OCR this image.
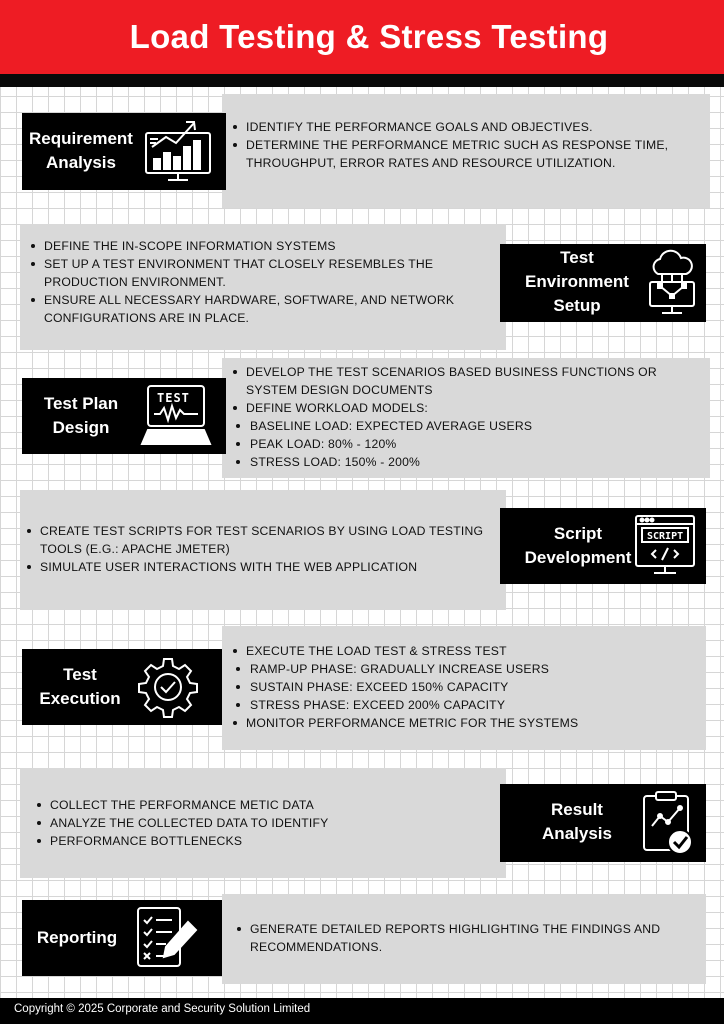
Load Testing & Stress Testing
Requirement
Analysis
IDENTIFY THE PERFORMANCE GOALS AND OBJECTIVES.
DETERMINE THE PERFORMANCE METRIC SUCH AS RESPONSE TIME, THROUGHPUT, ERROR RATES AND RESOURCE UTILIZATION.
Test
Environment
Setup
DEFINE THE IN-SCOPE INFORMATION SYSTEMS
SET UP A TEST ENVIRONMENT THAT CLOSELY RESEMBLES THE PRODUCTION ENVIRONMENT.
ENSURE ALL NECESSARY HARDWARE, SOFTWARE, AND NETWORK CONFIGURATIONS ARE IN PLACE.
Test Plan
Design
TEST
DEVELOP THE TEST SCENARIOS BASED BUSINESS FUNCTIONS OR SYSTEM DESIGN DOCUMENTS
DEFINE WORKLOAD MODELS:
BASELINE LOAD: EXPECTED AVERAGE USERS
PEAK LOAD: 80% - 120%
STRESS LOAD: 150% - 200%
Script
Development
SCRIPT
CREATE TEST SCRIPTS FOR TEST SCENARIOS BY USING LOAD TESTING TOOLS (E.G.: APACHE JMETER)
SIMULATE USER INTERACTIONS WITH THE WEB APPLICATION
Test
Execution
EXECUTE THE LOAD TEST & STRESS TEST
RAMP-UP PHASE: GRADUALLY INCREASE USERS
SUSTAIN PHASE: EXCEED 150% CAPACITY
STRESS PHASE: EXCEED 200% CAPACITY
MONITOR PERFORMANCE METRIC FOR THE SYSTEMS
Result
Analysis
COLLECT THE PERFORMANCE METIC DATA
ANALYZE THE COLLECTED DATA TO IDENTIFY
PERFORMANCE BOTTLENECKS
Reporting	GENERATE DETAILED REPORTS HIGHLIGHTING THE FINDINGS AND RECOMMENDATIONS.
Copyright © 2025 Corporate and Security Solution Limited
